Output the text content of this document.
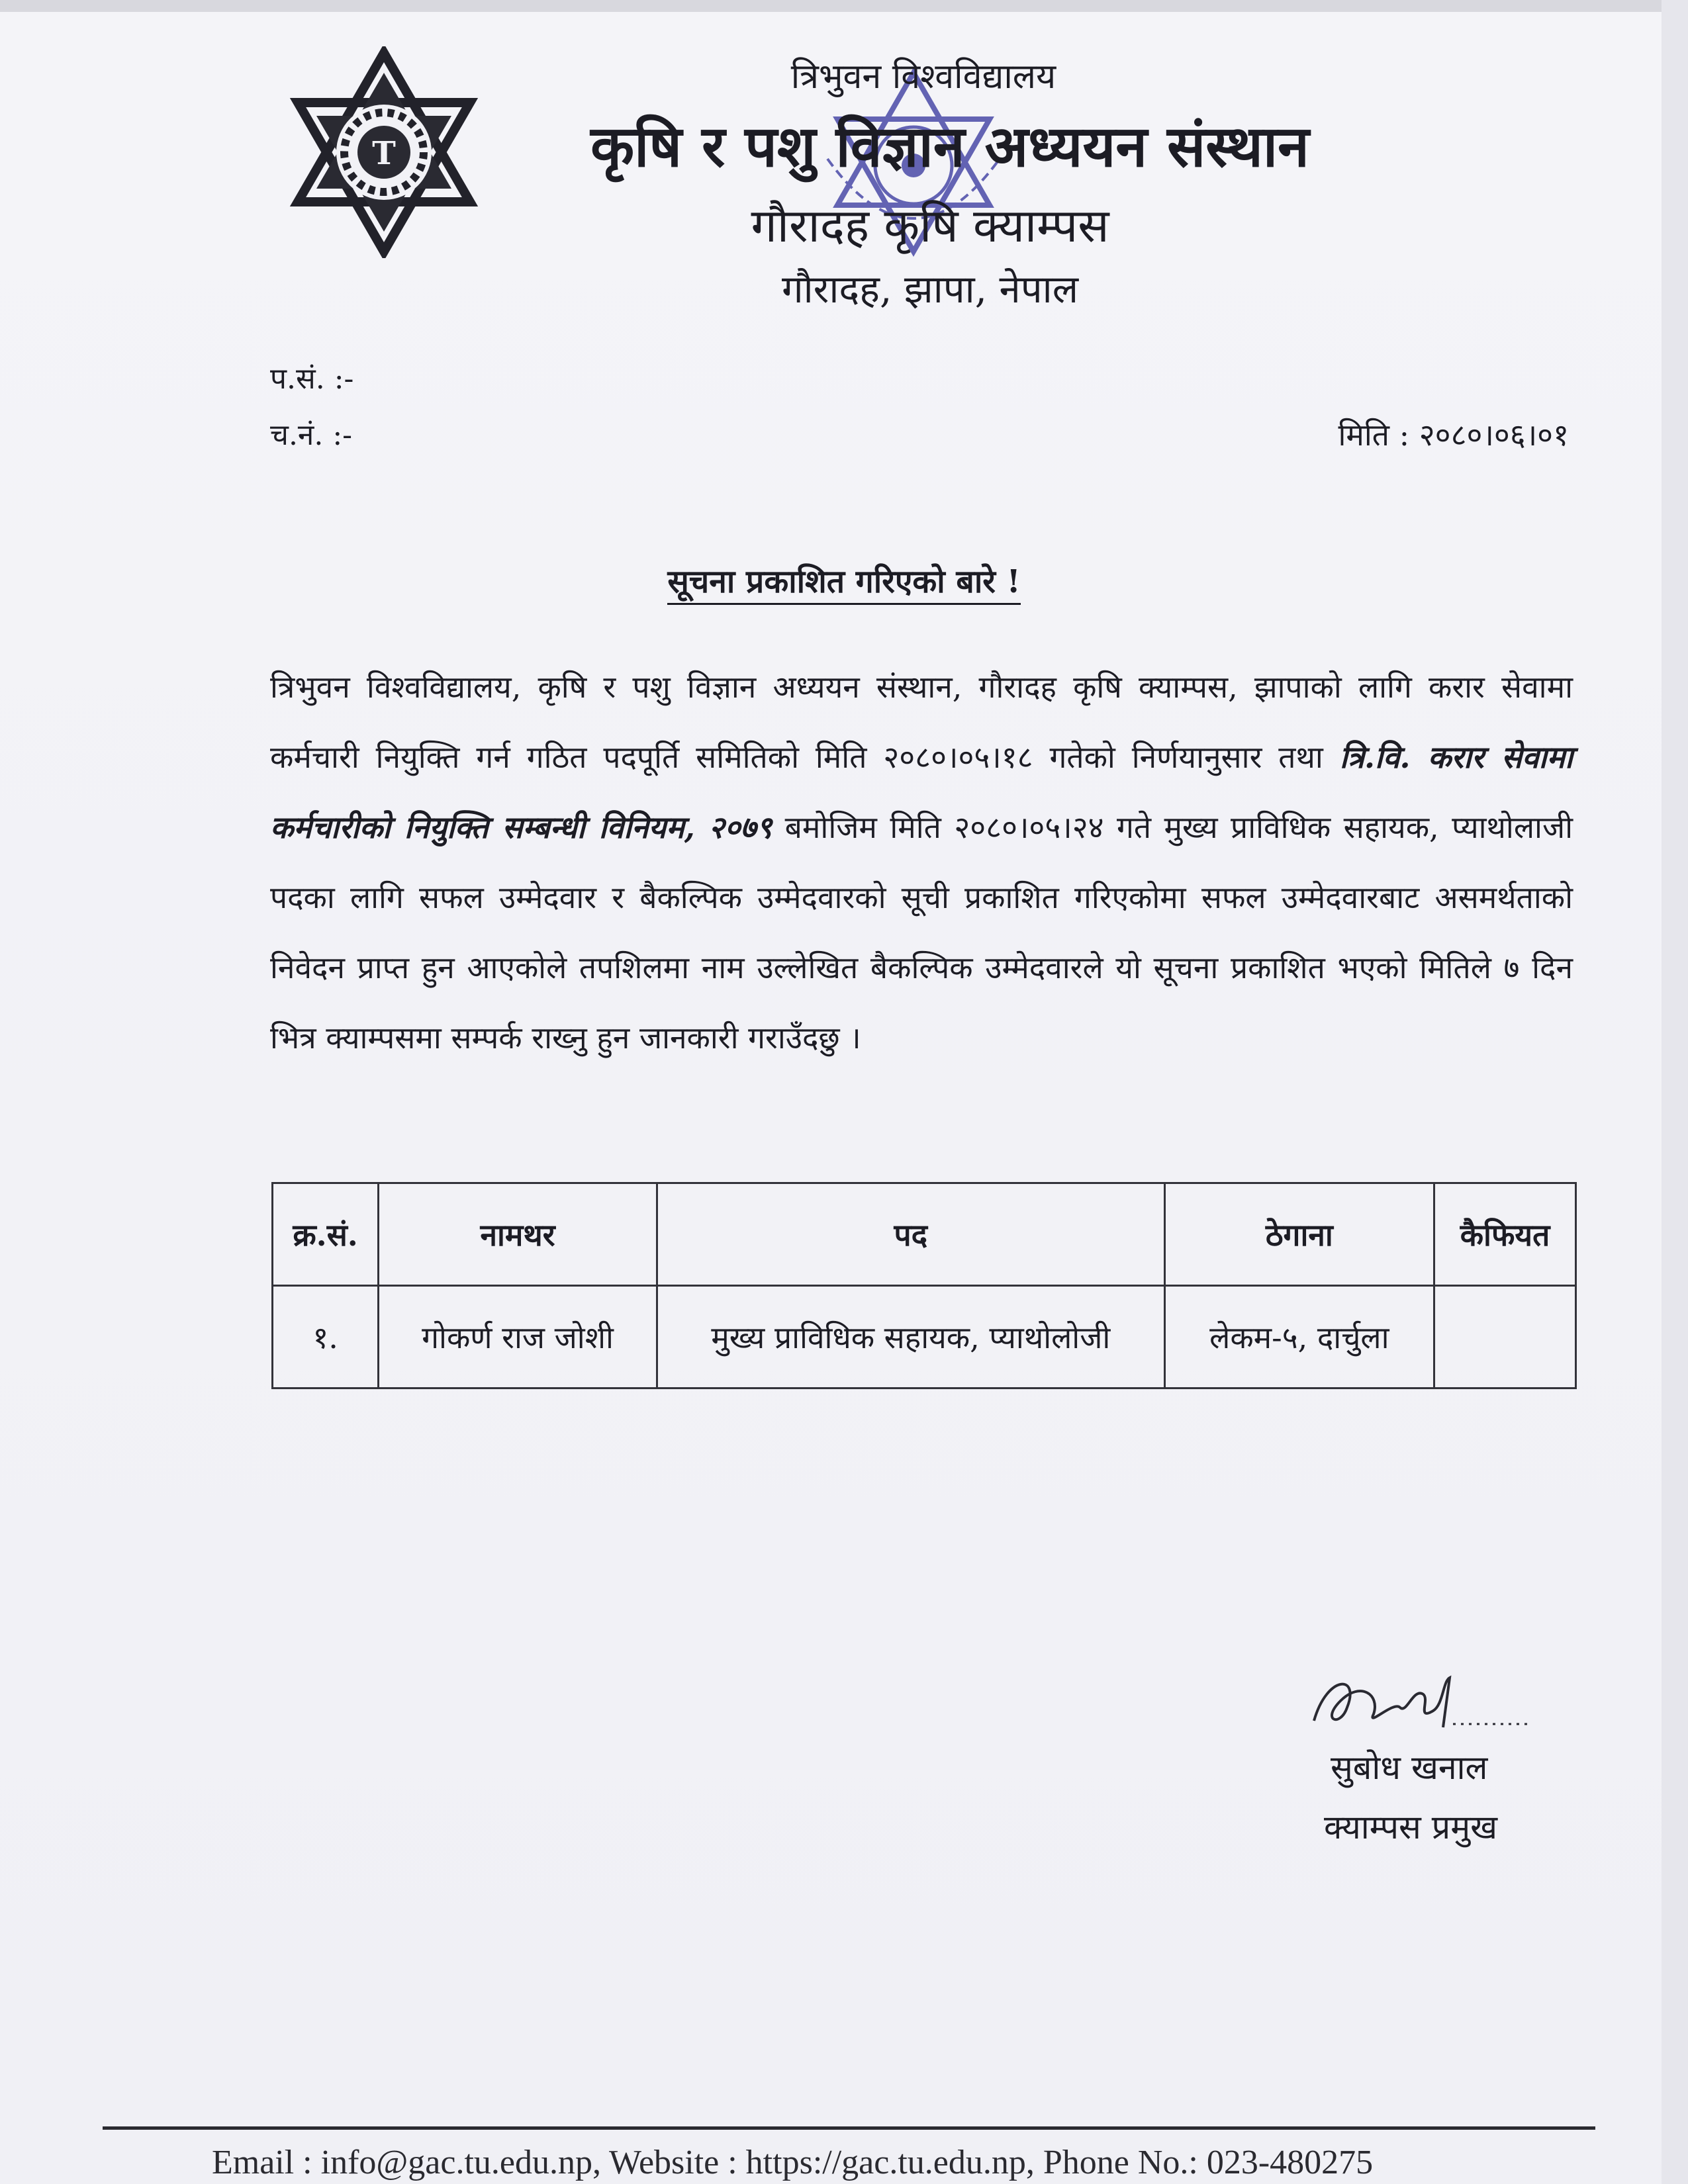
T
त्रिभुवन विश्वविद्यालय
कृषि र पशु विज्ञान अध्ययन संस्थान
गौरादह कृषि क्याम्पस
गौरादह, झापा, नेपाल
प.सं. :-
च.नं. :-	मिति : २०८०।०६।०१
सूचना प्रकाशित गरिएको बारे !
त्रिभुवन विश्वविद्यालय, कृषि र पशु विज्ञान अध्ययन संस्थान, गौरादह कृषि क्याम्पस, झापाको लागि करार सेवामा कर्मचारी नियुक्ति गर्न गठित पदपूर्ति समितिको मिति २०८०।०५।१८ गतेको निर्णयानुसार तथा त्रि.वि. करार सेवामा कर्मचारीको नियुक्ति सम्बन्धी विनियम, २०७९ बमोजिम मिति २०८०।०५।२४ गते मुख्य प्राविधिक सहायक, प्याथोलाजी पदका लागि सफल उम्मेदवार र बैकल्पिक उम्मेदवारको सूची प्रकाशित गरिएकोमा सफल उम्मेदवारबाट असमर्थताको निवेदन प्राप्त हुन आएकोले तपशिलमा नाम उल्लेखित बैकल्पिक उम्मेदवारले यो सूचना प्रकाशित भएको मितिले ७ दिन भित्र क्याम्पसमा सम्पर्क राख्नु हुन जानकारी गराउँदछु ।
क्र.सं.	नामथर	पद	ठेगाना	कैफियत
१.	गोकर्ण राज जोशी	मुख्य प्राविधिक सहायक, प्याथोलोजी	लेकम-५, दार्चुला	
सुबोध खनाल
क्याम्पस प्रमुख
Email : info@gac.tu.edu.np, Website : https://gac.tu.edu.np, Phone No.: 023-480275
